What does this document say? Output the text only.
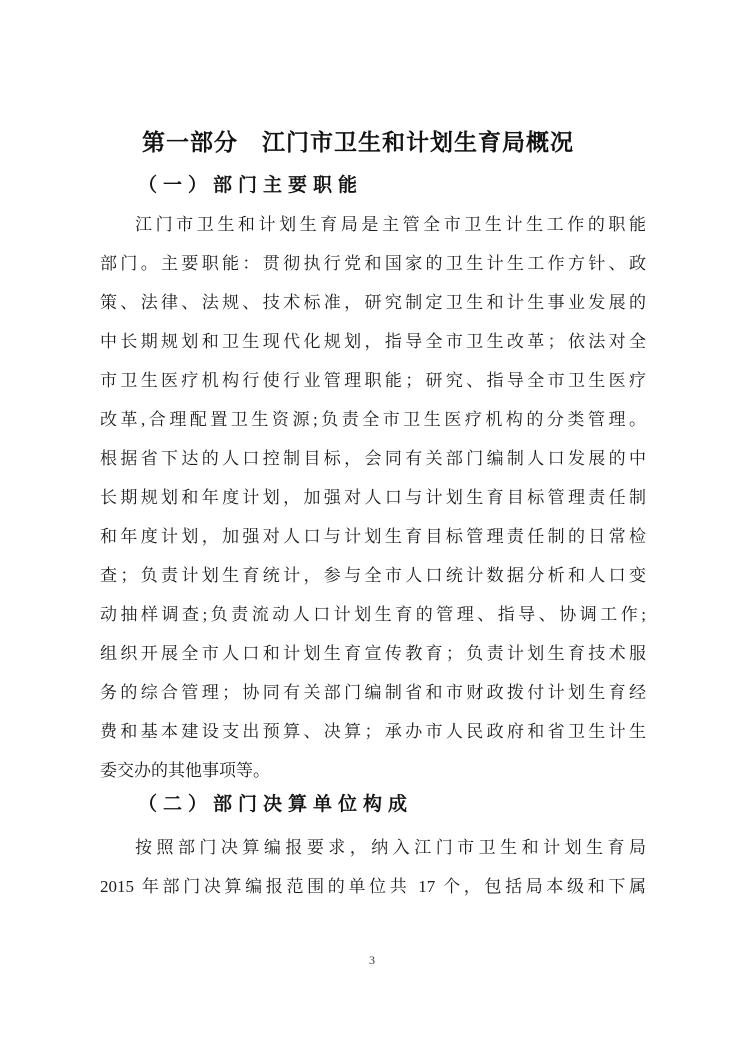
第一部分　江门市卫生和计划生育局概况
（一）部门主要职能
江门市卫生和计划生育局是主管全市卫生计生工作的职能
部门。主要职能：贯彻执行党和国家的卫生计生工作方针、政
策、法律、法规、技术标准，研究制定卫生和计生事业发展的
中长期规划和卫生现代化规划，指导全市卫生改革；依法对全
市卫生医疗机构行使行业管理职能；研究、指导全市卫生医疗
改革,合理配置卫生资源;负责全市卫生医疗机构的分类管理。
根据省下达的人口控制目标，会同有关部门编制人口发展的中
长期规划和年度计划，加强对人口与计划生育目标管理责任制
和年度计划，加强对人口与计划生育目标管理责任制的日常检
查；负责计划生育统计，参与全市人口统计数据分析和人口变
动抽样调查;负责流动人口计划生育的管理、指导、协调工作;
组织开展全市人口和计划生育宣传教育；负责计划生育技术服
务的综合管理；协同有关部门编制省和市财政拨付计划生育经
费和基本建设支出预算、决算；承办市人民政府和省卫生计生
委交办的其他事项等。
（二）部门决算单位构成
按照部门决算编报要求，纳入江门市卫生和计划生育局
2015 年部门决算编报范围的单位共 17 个，包括局本级和下属
3
